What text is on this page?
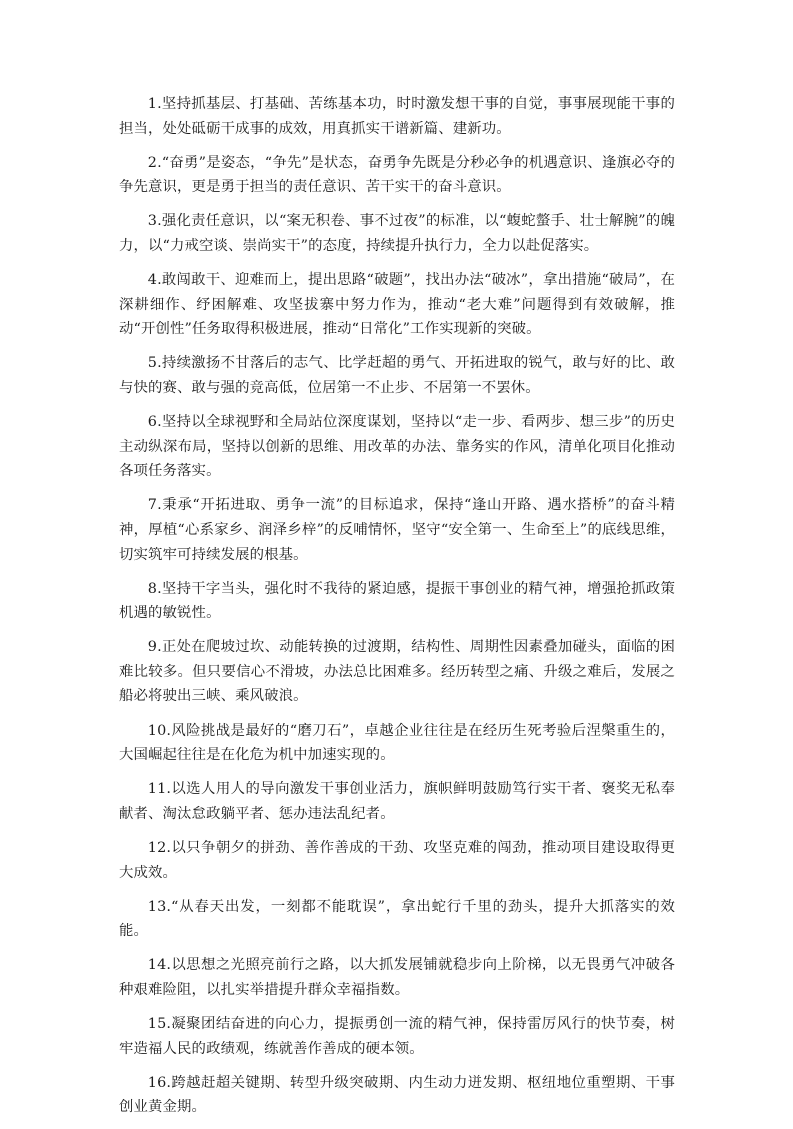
1.坚持抓基层、打基础、苦练基本功，时时激发想干事的自觉，事事展现能干事的担当，处处砥砺干成事的成效，用真抓实干谱新篇、建新功。

2.“奋勇”是姿态，“争先”是状态，奋勇争先既是分秒必争的机遇意识、逢旗必夺的争先意识，更是勇于担当的责任意识、苦干实干的奋斗意识。

3.强化责任意识，以“案无积卷、事不过夜”的标准，以“蝮蛇螫手、壮士解腕”的魄力，以“力戒空谈、崇尚实干”的态度，持续提升执行力，全力以赴促落实。

4.敢闯敢干、迎难而上，提出思路“破题”，找出办法“破冰”，拿出措施“破局”，在深耕细作、纾困解难、攻坚拔寨中努力作为，推动“老大难”问题得到有效破解，推动“开创性”任务取得积极进展，推动“日常化”工作实现新的突破。

5.持续激扬不甘落后的志气、比学赶超的勇气、开拓进取的锐气，敢与好的比、敢与快的赛、敢与强的竞高低，位居第一不止步、不居第一不罢休。

6.坚持以全球视野和全局站位深度谋划，坚持以“走一步、看两步、想三步”的历史主动纵深布局，坚持以创新的思维、用改革的办法、靠务实的作风，清单化项目化推动各项任务落实。

7.秉承“开拓进取、勇争一流”的目标追求，保持“逢山开路、遇水搭桥”的奋斗精神，厚植“心系家乡、润泽乡梓”的反哺情怀，坚守“安全第一、生命至上”的底线思维，切实筑牢可持续发展的根基。

8.坚持干字当头，强化时不我待的紧迫感，提振干事创业的精气神，增强抢抓政策机遇的敏锐性。

9.正处在爬坡过坎、动能转换的过渡期，结构性、周期性因素叠加碰头，面临的困难比较多。但只要信心不滑坡，办法总比困难多。经历转型之痛、升级之难后，发展之船必将驶出三峡、乘风破浪。

10.风险挑战是最好的“磨刀石”，卓越企业往往是在经历生死考验后涅槃重生的，大国崛起往往是在化危为机中加速实现的。

11.以选人用人的导向激发干事创业活力，旗帜鲜明鼓励笃行实干者、褒奖无私奉献者、淘汰怠政躺平者、惩办违法乱纪者。

12.以只争朝夕的拼劲、善作善成的干劲、攻坚克难的闯劲，推动项目建设取得更大成效。

13.“从春天出发，一刻都不能耽误”，拿出蛇行千里的劲头，提升大抓落实的效能。

14.以思想之光照亮前行之路，以大抓发展铺就稳步向上阶梯，以无畏勇气冲破各种艰难险阻，以扎实举措提升群众幸福指数。

15.凝聚团结奋进的向心力，提振勇创一流的精气神，保持雷厉风行的快节奏，树牢造福人民的政绩观，练就善作善成的硬本领。

16.跨越赶超关键期、转型升级突破期、内生动力迸发期、枢纽地位重塑期、干事创业黄金期。
